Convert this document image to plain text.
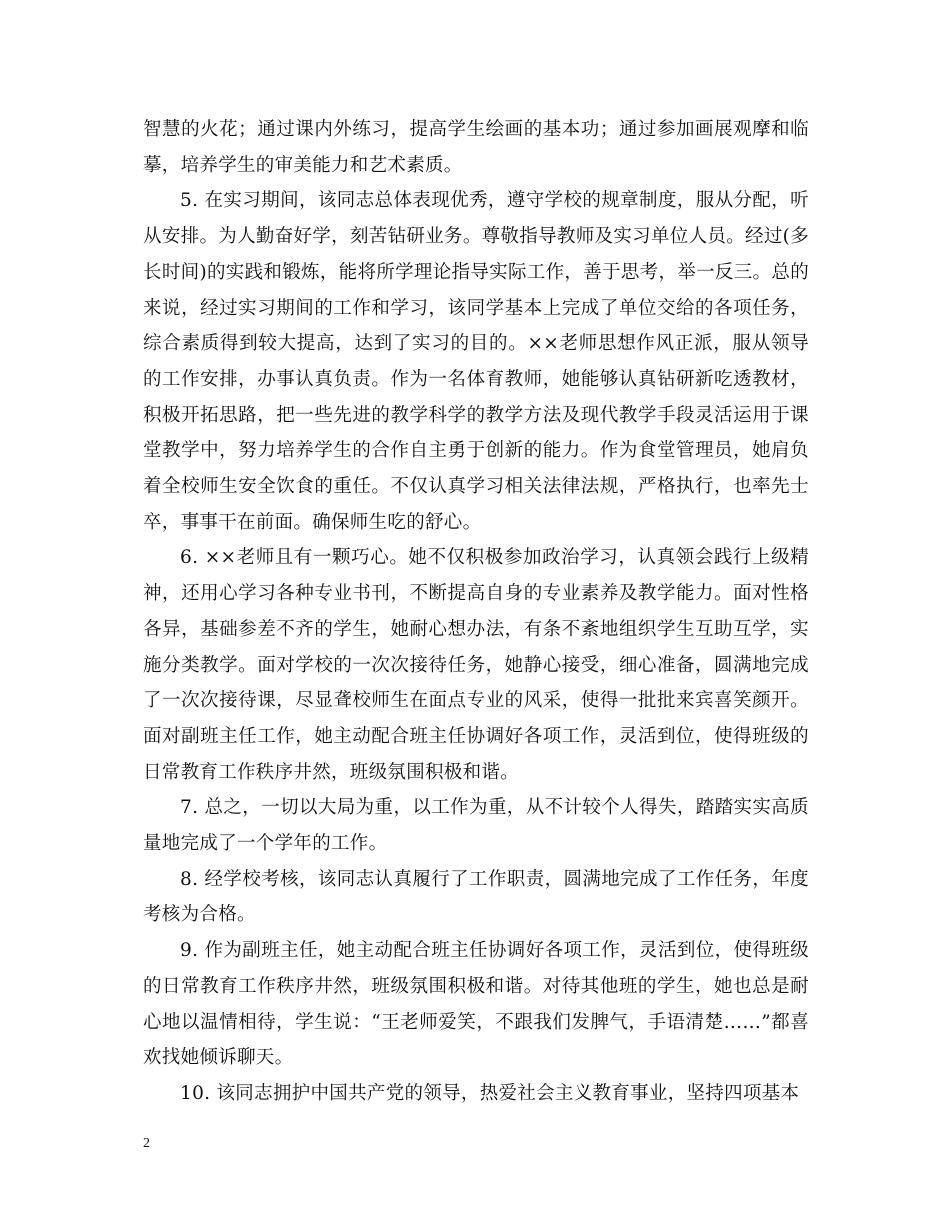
智慧的火花；通过课内外练习，提高学生绘画的基本功；通过参加画展观摩和临摹，培养学生的审美能力和艺术素质。

5. 在实习期间，该同志总体表现优秀，遵守学校的规章制度，服从分配，听从安排。为人勤奋好学，刻苦钻研业务。尊敬指导教师及实习单位人员。经过(多长时间)的实践和锻炼，能将所学理论指导实际工作，善于思考，举一反三。总的来说，经过实习期间的工作和学习，该同学基本上完成了单位交给的各项任务，综合素质得到较大提高，达到了实习的目的。××老师思想作风正派，服从领导的工作安排，办事认真负责。作为一名体育教师，她能够认真钻研新吃透教材，积极开拓思路，把一些先进的教学科学的教学方法及现代教学手段灵活运用于课堂教学中，努力培养学生的合作自主勇于创新的能力。作为食堂管理员，她肩负着全校师生安全饮食的重任。不仅认真学习相关法律法规，严格执行，也率先士卒，事事干在前面。确保师生吃的舒心。

6. ××老师且有一颗巧心。她不仅积极参加政治学习，认真领会践行上级精神，还用心学习各种专业书刊，不断提高自身的专业素养及教学能力。面对性格各异，基础参差不齐的学生，她耐心想办法，有条不紊地组织学生互助互学，实施分类教学。面对学校的一次次接待任务，她静心接受，细心准备，圆满地完成了一次次接待课，尽显聋校师生在面点专业的风采，使得一批批来宾喜笑颜开。面对副班主任工作，她主动配合班主任协调好各项工作，灵活到位，使得班级的日常教育工作秩序井然，班级氛围积极和谐。

7. 总之，一切以大局为重，以工作为重，从不计较个人得失，踏踏实实高质量地完成了一个学年的工作。

8. 经学校考核，该同志认真履行了工作职责，圆满地完成了工作任务，年度考核为合格。

9. 作为副班主任，她主动配合班主任协调好各项工作，灵活到位，使得班级的日常教育工作秩序井然，班级氛围积极和谐。对待其他班的学生，她也总是耐心地以温情相待，学生说：“王老师爱笑，不跟我们发脾气，手语清楚……”都喜欢找她倾诉聊天。

10. 该同志拥护中国共产党的领导，热爱社会主义教育事业，坚持四项基本

2
